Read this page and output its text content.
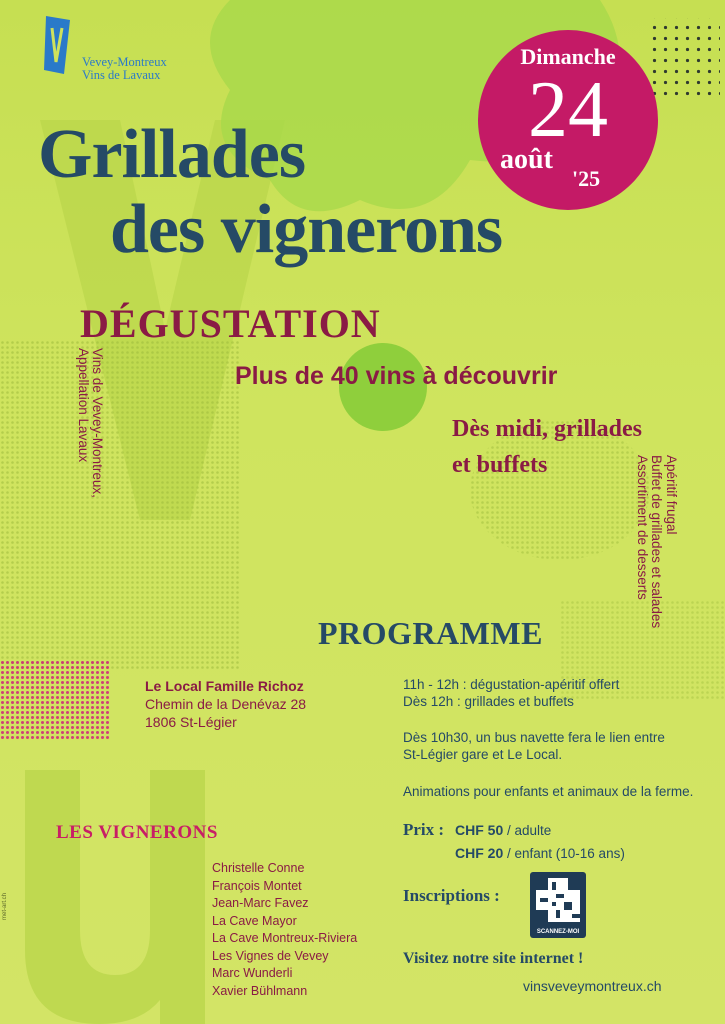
Vevey-Montreux
Vins de Lavaux
Grillades
des vignerons
Dimanche
24
août
'25
DÉGUSTATION
Plus de 40 vins à découvrir
Vins de Vevey-Montreux,
Appellation Lavaux	Dès midi, grillades
et buffets	Apéritif frugal
Buffet de grillades et salades
Assortiment de desserts
PROGRAMME
Le Local Famille Richoz
Chemin de la Denévaz 28
1806 St-Légier
11h - 12h : dégustation-apéritif offert
Dès 12h : grillades et buffets
Dès 10h30, un bus navette fera le lien entre
St-Légier gare et Le Local.
Animations pour enfants et animaux de la ferme.
Prix : CHF 50 / adulte
CHF 20 / enfant (10-16 ans)
Inscriptions :
SCANNEZ-MOI
Visitez notre site internet !
vinsveveymontreux.ch
LES VIGNERONS
Christelle Conne
François Montet
Jean-Marc Favez
La Cave Mayor
La Cave Montreux-Riviera
Les Vignes de Vevey
Marc Wunderli
Xavier Bühlmann
met-art.ch
